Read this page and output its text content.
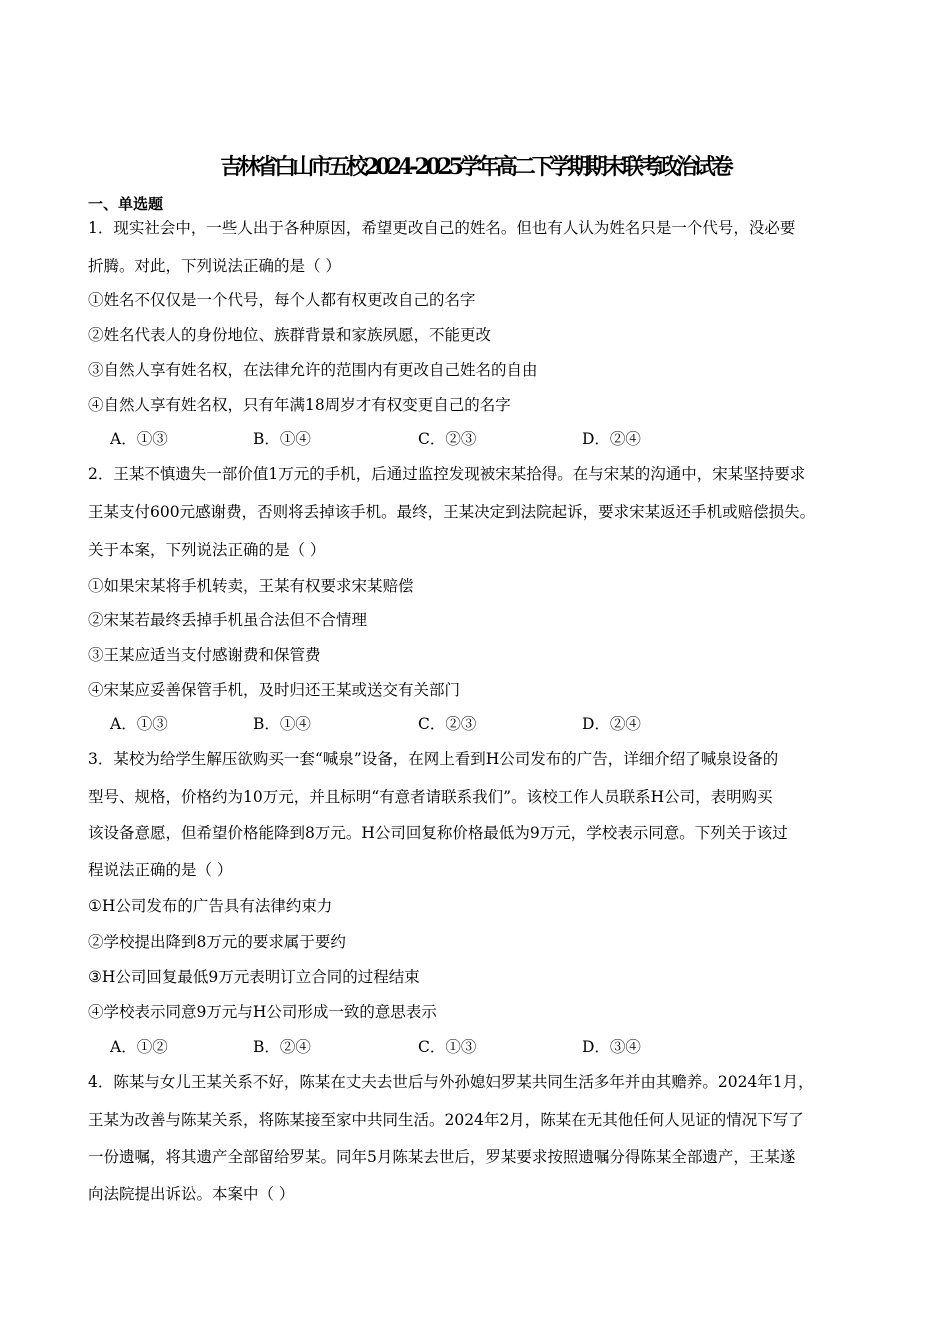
吉林省白山市五校2024-2025学年高二下学期期末联考政治试卷
一、单选题
1．现实社会中，一些人出于各种原因，希望更改自己的姓名。但也有人认为姓名只是一个代号，没必要
折腾。对此，下列说法正确的是（ ）
①姓名不仅仅是一个代号，每个人都有权更改自己的名字
②姓名代表人的身份地位、族群背景和家族夙愿，不能更改
③自然人享有姓名权，在法律允许的范围内有更改自己姓名的自由
④自然人享有姓名权，只有年满18周岁才有权变更自己的名字
A．①③	B．①④	C．②③	D．②④
2．王某不慎遗失一部价值1万元的手机，后通过监控发现被宋某拾得。在与宋某的沟通中，宋某坚持要求
王某支付600元感谢费，否则将丢掉该手机。最终，王某决定到法院起诉，要求宋某返还手机或赔偿损失。
关于本案，下列说法正确的是（ ）
①如果宋某将手机转卖，王某有权要求宋某赔偿
②宋某若最终丢掉手机虽合法但不合情理
③王某应适当支付感谢费和保管费
④宋某应妥善保管手机，及时归还王某或送交有关部门
A．①③	B．①④	C．②③	D．②④
3．某校为给学生解压欲购买一套“喊泉”设备，在网上看到H公司发布的广告，详细介绍了喊泉设备的
型号、规格，价格约为10万元，并且标明“有意者请联系我们”。该校工作人员联系H公司，表明购买
该设备意愿，但希望价格能降到8万元。H公司回复称价格最低为9万元，学校表示同意。下列关于该过
程说法正确的是（ ）
①H公司发布的广告具有法律约束力
②学校提出降到8万元的要求属于要约
③H公司回复最低9万元表明订立合同的过程结束
④学校表示同意9万元与H公司形成一致的意思表示
A．①②	B．②④	C．①③	D．③④
4．陈某与女儿王某关系不好，陈某在丈夫去世后与外孙媳妇罗某共同生活多年并由其赡养。2024年1月，
王某为改善与陈某关系，将陈某接至家中共同生活。2024年2月，陈某在无其他任何人见证的情况下写了
一份遗嘱，将其遗产全部留给罗某。同年5月陈某去世后，罗某要求按照遗嘱分得陈某全部遗产，王某遂
向法院提出诉讼。本案中（ ）
